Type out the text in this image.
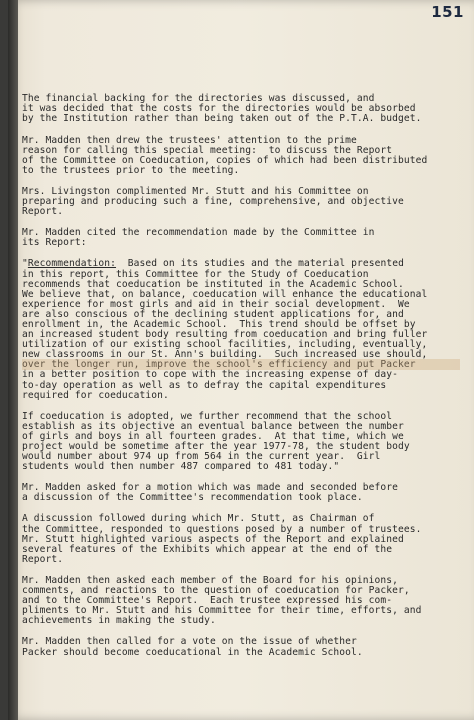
151

The financial backing for the directories was discussed, and
it was decided that the costs for the directories would be absorbed
by the Institution rather than being taken out of the P.T.A. budget.
Mr. Madden then drew the trustees' attention to the prime
reason for calling this special meeting:  to discuss the Report
of the Committee on Coeducation, copies of which had been distributed
to the trustees prior to the meeting.
Mrs. Livingston complimented Mr. Stutt and his Committee on
preparing and producing such a fine, comprehensive, and objective
Report.
Mr. Madden cited the recommendation made by the Committee in
its Report:
"Recommendation:  Based on its studies and the material presented
in this report, this Committee for the Study of Coeducation
recommends that coeducation be instituted in the Academic School.
We believe that, on balance, coeducation will enhance the educational
experience for most girls and aid in their social development.  We
are also conscious of the declining student applications for, and
enrollment in, the Academic School.  This trend should be offset by
an increased student body resulting from coeducation and bring fuller
utilization of our existing school facilities, including, eventually,
new classrooms in our St. Ann's building.  Such increased use should,
over the longer run, improve the school's efficiency and put Packer
in a better position to cope with the increasing expense of day-
to-day operation as well as to defray the capital expenditures
required for coeducation.
If coeducation is adopted, we further recommend that the school
establish as its objective an eventual balance between the number
of girls and boys in all fourteen grades.  At that time, which we
project would be sometime after the year 1977-78, the student body
would number about 974 up from 564 in the current year.  Girl
students would then number 487 compared to 481 today."
Mr. Madden asked for a motion which was made and seconded before
a discussion of the Committee's recommendation took place.
A discussion followed during which Mr. Stutt, as Chairman of
the Committee, responded to questions posed by a number of trustees.
Mr. Stutt highlighted various aspects of the Report and explained
several features of the Exhibits which appear at the end of the
Report.
Mr. Madden then asked each member of the Board for his opinions,
comments, and reactions to the question of coeducation for Packer,
and to the Committee's Report.  Each trustee expressed his com-
pliments to Mr. Stutt and his Committee for their time, efforts, and
achievements in making the study.
Mr. Madden then called for a vote on the issue of whether
Packer should become coeducational in the Academic School.
